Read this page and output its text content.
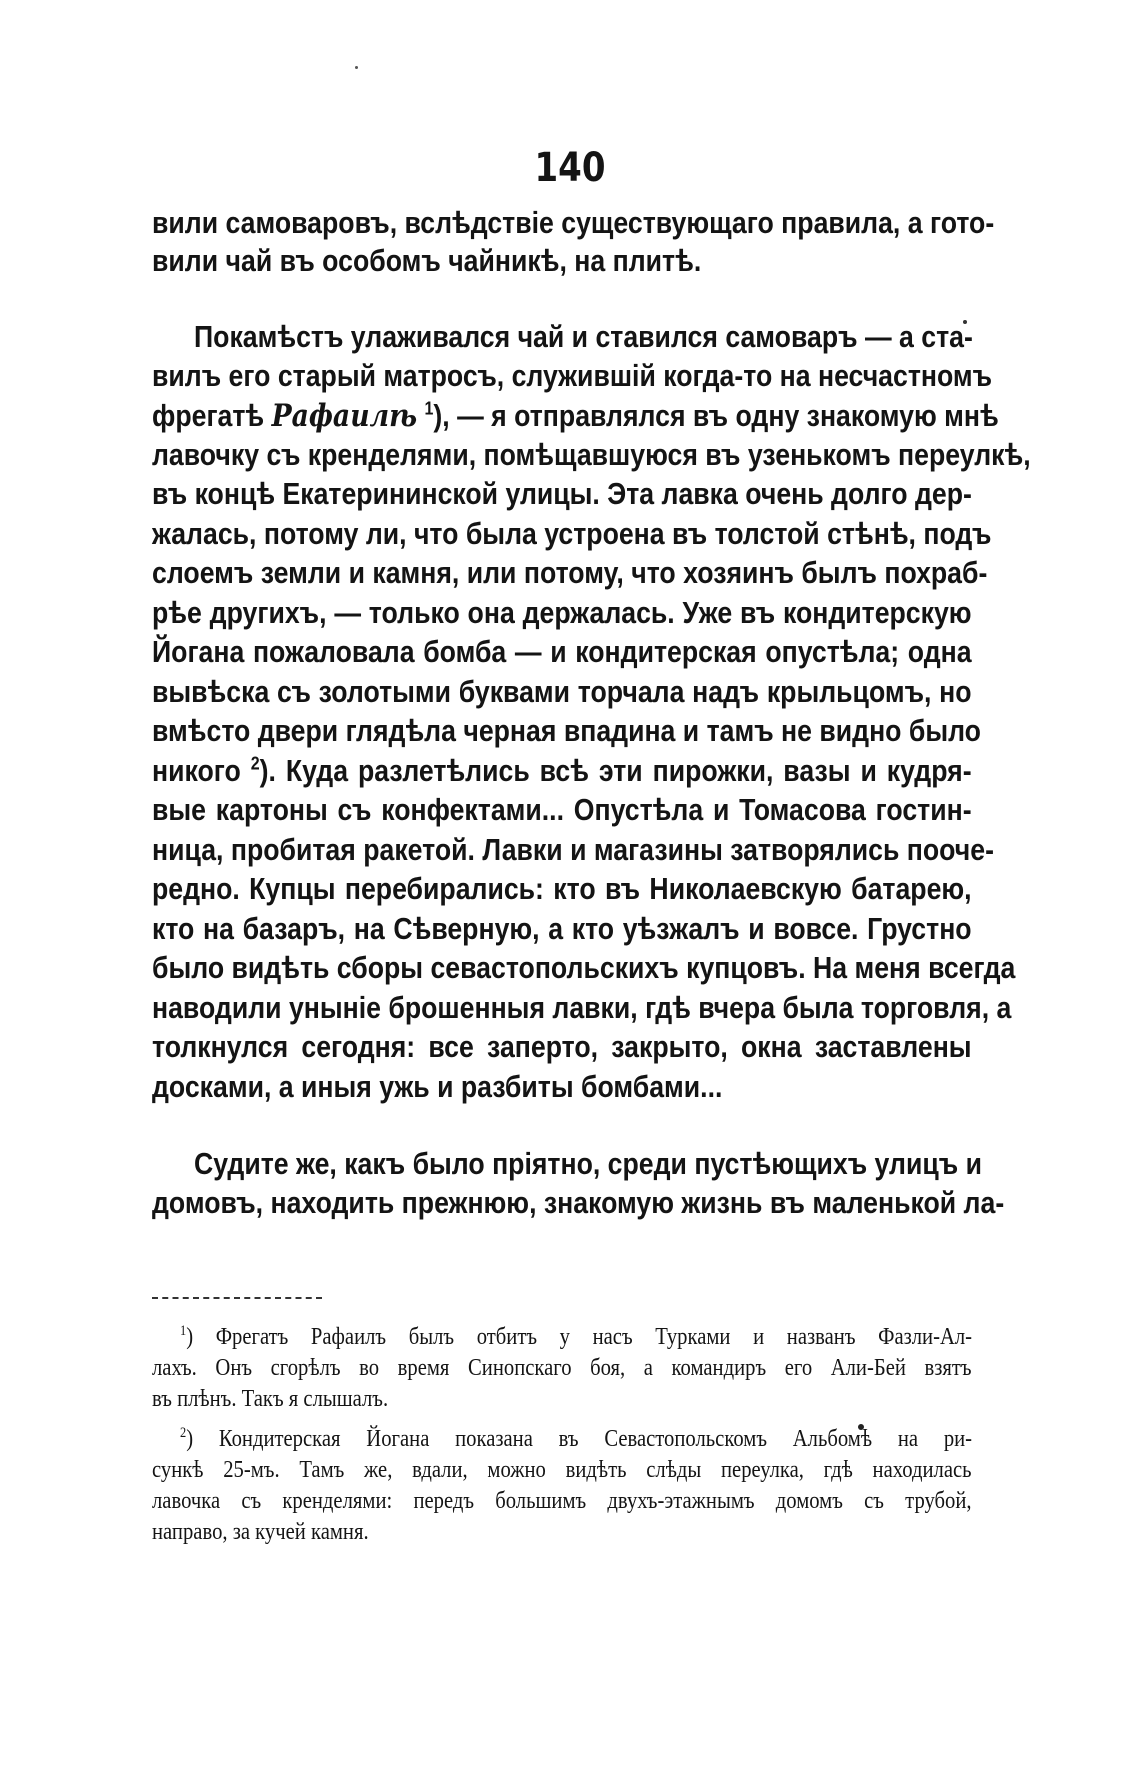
140
вили самоваровъ, вслѣдствіе существующаго правила, а гото-
вили чай въ особомъ чайникѣ, на плитѣ.
Покамѣстъ улаживался чай и ставился самоваръ — а ста-
вилъ его старый матросъ, служившій когда-то на несчастномъ
фрегатѣ Рафаилѣ $^1$), — я отправлялся въ одну знакомую мнѣ
лавочку съ кренделями, помѣщавшуюся въ узенькомъ переулкѣ,
въ концѣ Екатерининской улицы. Эта лавка очень долго дер-
жалась, потому ли, что была устроена въ толстой стѣнѣ, подъ
слоемъ земли и камня, или потому, что хозяинъ былъ похраб-
рѣе другихъ, — только она держалась. Уже въ кондитерскую
Йогана пожаловала бомба — и кондитерская опустѣла; одна
вывѣска съ золотыми буквами торчала надъ крыльцомъ, но
вмѣсто двери глядѣла черная впадина и тамъ не видно было
никого $^2$). Куда разлетѣлись всѣ эти пирожки, вазы и кудря-
вые картоны съ конфектами... Опустѣла и Томасова гостин-
ница, пробитая ракетой. Лавки и магазины затворялись пооче-
редно. Купцы перебирались: кто въ Николаевскую батарею,
кто на базаръ, на Сѣверную, а кто уѣзжалъ и вовсе. Грустно
было видѣть сборы севастопольскихъ купцовъ. На меня всегда
наводили уныніе брошенныя лавки, гдѣ вчера была торговля, а
толкнулся сегодня: все заперто, закрыто, окна заставлены
досками, а иныя ужь и разбиты бомбами...
Судите же, какъ было пріятно, среди пустѣющихъ улицъ и
домовъ, находить прежнюю, знакомую жизнь въ маленькой ла-
$^1$) Фрегатъ Рафаилъ былъ отбитъ у насъ Турками и названъ Фазли-Ал-
лахъ. Онъ сгорѣлъ во время Синопскаго боя, а командиръ его Али-Бей взятъ
въ плѣнъ. Такъ я слышалъ.
$^2$) Кондитерская Йогана показана въ Севастопольскомъ Альбомѣ на ри-
сункѣ 25-мъ. Тамъ же, вдали, можно видѣть слѣды переулка, гдѣ находилась
лавочка съ кренделями: передъ большимъ двухъ-этажнымъ домомъ съ трубой,
направо, за кучей камня.
